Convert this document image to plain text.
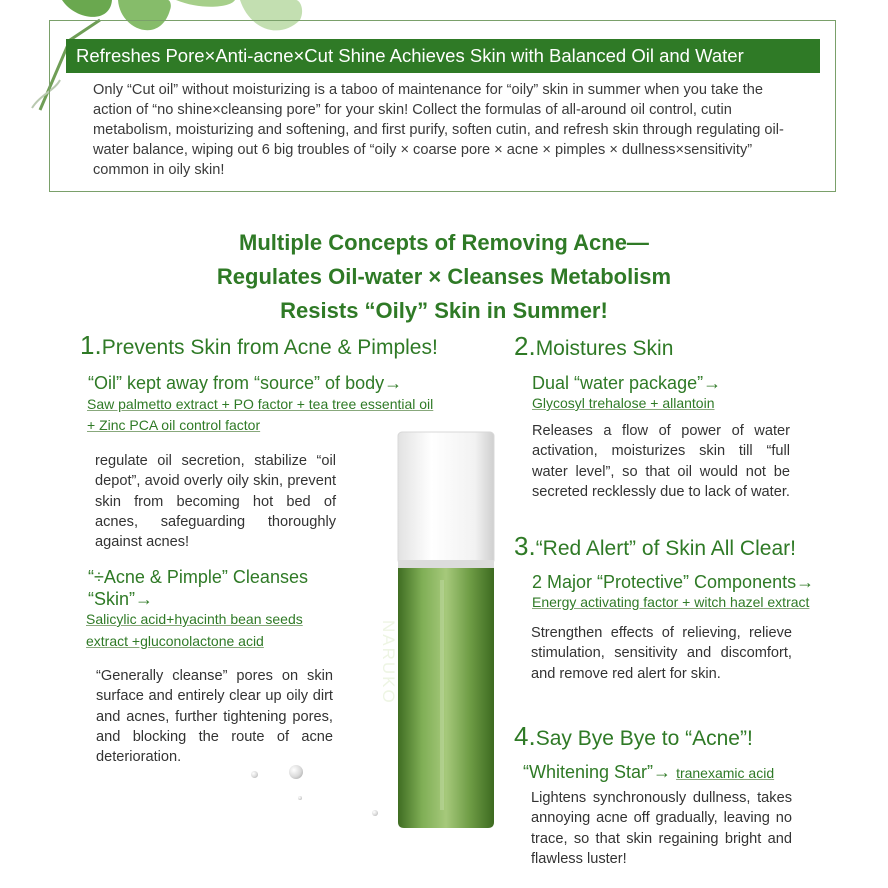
Refreshes Pore×Anti-acne×Cut Shine Achieves Skin with Balanced Oil and Water

Only “Cut oil” without moisturizing is a taboo of maintenance for “oily” skin in summer when you take the action of “no shine×cleansing pore” for your skin! Collect the formulas of all-around oil control, cutin metabolism, moisturizing and softening, and first purify, soften cutin, and refresh skin through regulating oil-water balance, wiping out 6 big troubles of “oily × coarse pore × acne × pimples × dullness×sensitivity” common in oily skin!

Multiple Concepts of Removing Acne—
Regulates Oil-water × Cleanses Metabolism
Resists “Oily” Skin in Summer!
1.Prevents Skin from Acne & Pimples!
“Oil” kept away from “source” of body→
Saw palmetto extract + PO factor + tea tree essential oil
+ Zinc PCA oil control factor

regulate oil secretion, stabilize “oil depot”, avoid overly oily skin, prevent skin from becoming hot bed of acnes, safeguarding thoroughly against acnes!

“÷Acne & Pimple” Cleanses
“Skin”→
Salicylic acid+hyacinth bean seeds
extract +gluconolactone acid

“Generally cleanse” pores on skin surface and entirely clear up oily dirt and acnes, further tightening pores, and blocking the route of acne deterioration.

2.Moistures Skin
Dual “water package”→
Glycosyl trehalose + allantoin

Releases a flow of power of water activation, moisturizes skin till “full water level”, so that oil would not be secreted recklessly due to lack of water.

3.“Red Alert” of Skin All Clear!
2 Major “Protective” Components→
Energy activating factor + witch hazel extract

Strengthen effects of relieving, relieve stimulation, sensitivity and discomfort, and remove red alert for skin.

4.Say Bye Bye to “Acne”!
“Whitening Star”→ tranexamic acid

Lightens synchronously dullness, takes annoying acne off gradually, leaving no trace, so that skin regaining bright and flawless luster!

NARUKO
